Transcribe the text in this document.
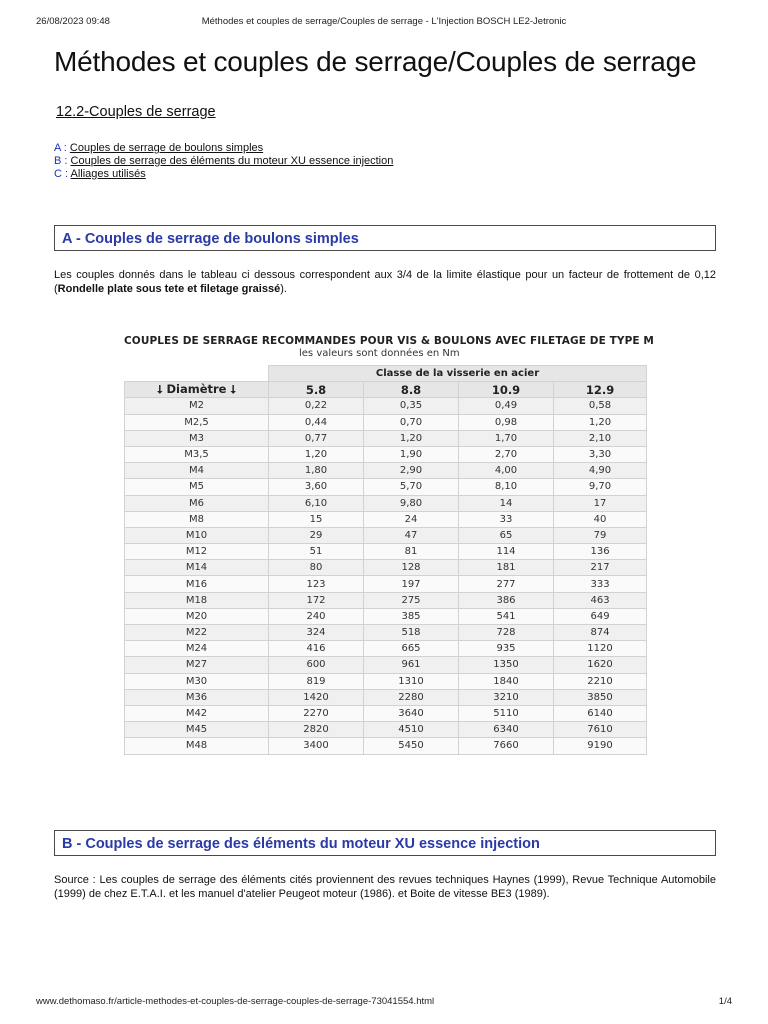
26/08/2023 09:48	Méthodes et couples de serrage/Couples de serrage - L'Injection BOSCH LE2-Jetronic
Méthodes et couples de serrage/Couples de serrage
12.2-Couples de serrage
A : Couples de serrage de boulons simples
B : Couples de serrage des éléments du moteur XU essence injection
C : Alliages utilisés
A - Couples de serrage de boulons simples
Les couples donnés dans le tableau ci dessous correspondent aux 3/4 de la limite élastique pour un facteur de frottement de 0,12 (Rondelle plate sous tete et filetage graissé).
COUPLES DE SERRAGE RECOMMANDES POUR VIS & BOULONS AVEC FILETAGE DE TYPE M
les valeurs sont données en Nm
	Classe de la visserie en acier			
⭣ Diamètre ⭣	5.8	8.8	10.9	12.9
M2	0,22	0,35	0,49	0,58
M2,5	0,44	0,70	0,98	1,20
M3	0,77	1,20	1,70	2,10
M3,5	1,20	1,90	2,70	3,30
M4	1,80	2,90	4,00	4,90
M5	3,60	5,70	8,10	9,70
M6	6,10	9,80	14	17
M8	15	24	33	40
M10	29	47	65	79
M12	51	81	114	136
M14	80	128	181	217
M16	123	197	277	333
M18	172	275	386	463
M20	240	385	541	649
M22	324	518	728	874
M24	416	665	935	1120
M27	600	961	1350	1620
M30	819	1310	1840	2210
M36	1420	2280	3210	3850
M42	2270	3640	5110	6140
M45	2820	4510	6340	7610
M48	3400	5450	7660	9190
B - Couples de serrage des éléments du moteur XU essence injection
Source : Les couples de serrage des éléments cités proviennent des revues techniques Haynes (1999), Revue Technique Automobile (1999) de chez E.T.A.I. et les manuel d'atelier Peugeot moteur (1986). et Boite de vitesse BE3 (1989).
www.dethomaso.fr/article-methodes-et-couples-de-serrage-couples-de-serrage-73041554.html	1/4
